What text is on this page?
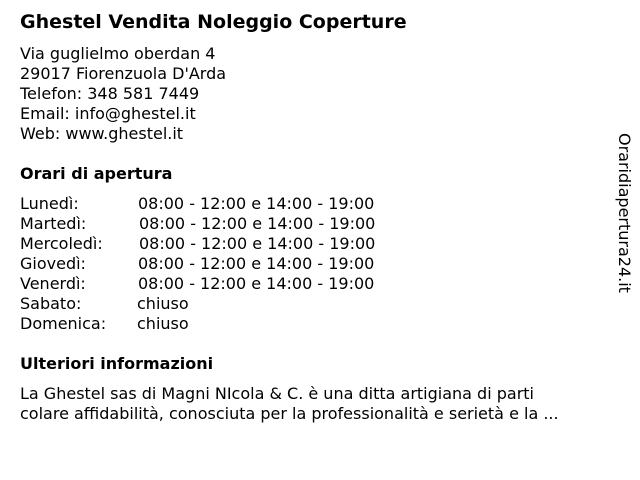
Ghestel Vendita Noleggio Coperture
Via guglielmo oberdan 4
29017 Fiorenzuola D'Arda
Telefon: 348 581 7449
Email: info@ghestel.it
Web: www.ghestel.it
Orari di apertura
Lunedì:	08:00 - 12:00 e 14:00 - 19:00
Martedì:	08:00 - 12:00 e 14:00 - 19:00
Mercoledì: 08:00 - 12:00 e 14:00 - 19:00
Giovedì:	08:00 - 12:00 e 14:00 - 19:00
Venerdì:	08:00 - 12:00 e 14:00 - 19:00
Sabato:	chiuso
Domenica: chiuso
Ulteriori informazioni
La Ghestel sas di Magni NIcola & C. è una ditta artigiana di parti
colare affidabilità, conosciuta per la professionalità e serietà e la ...
Oraridiapertura24.it
